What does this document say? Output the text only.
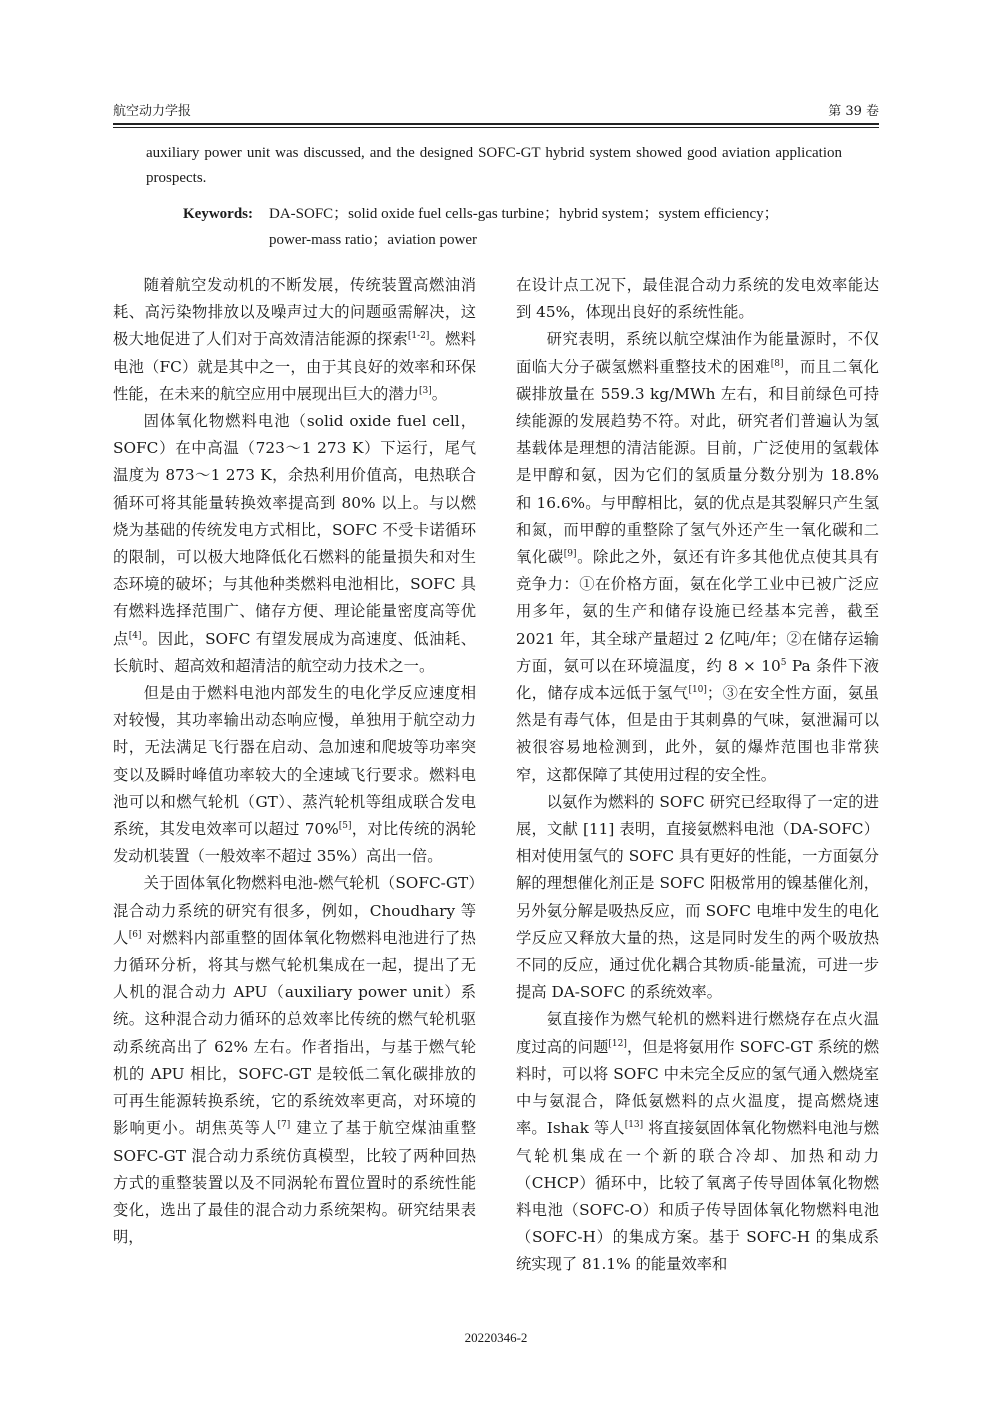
航空动力学报	第 39 卷
auxiliary power unit was discussed, and the designed SOFC-GT hybrid system showed good aviation application prospects.
Keywords: DA-SOFC；solid oxide fuel cells-gas turbine；hybrid system；system efficiency；
power-mass ratio；aviation power

随着航空发动机的不断发展，传统装置高燃油消耗、高污染物排放以及噪声过大的问题亟需解决，这极大地促进了人们对于高效清洁能源的探索[1-2]。燃料电池（FC）就是其中之一，由于其良好的效率和环保性能，在未来的航空应用中展现出巨大的潜力[3]。

固体氧化物燃料电池（solid oxide fuel cell，SOFC）在中高温（723～1 273 K）下运行，尾气温度为 873～1 273 K，余热利用价值高，电热联合循环可将其能量转换效率提高到 80% 以上。与以燃烧为基础的传统发电方式相比，SOFC 不受卡诺循环的限制，可以极大地降低化石燃料的能量损失和对生态环境的破坏；与其他种类燃料电池相比，SOFC 具有燃料选择范围广、储存方便、理论能量密度高等优点[4]。因此，SOFC 有望发展成为高速度、低油耗、长航时、超高效和超清洁的航空动力技术之一。

但是由于燃料电池内部发生的电化学反应速度相对较慢，其功率输出动态响应慢，单独用于航空动力时，无法满足飞行器在启动、急加速和爬坡等功率突变以及瞬时峰值功率较大的全速域飞行要求。燃料电池可以和燃气轮机（GT）、蒸汽轮机等组成联合发电系统，其发电效率可以超过 70%[5]，对比传统的涡轮发动机装置（一般效率不超过 35%）高出一倍。

关于固体氧化物燃料电池-燃气轮机（SOFC-GT）混合动力系统的研究有很多，例如，Choudhary 等人[6] 对燃料内部重整的固体氧化物燃料电池进行了热力循环分析，将其与燃气轮机集成在一起，提出了无人机的混合动力 APU（auxiliary power unit）系统。这种混合动力循环的总效率比传统的燃气轮机驱动系统高出了 62% 左右。作者指出，与基于燃气轮机的 APU 相比，SOFC-GT 是较低二氧化碳排放的可再生能源转换系统，它的系统效率更高，对环境的影响更小。胡焦英等人[7] 建立了基于航空煤油重整 SOFC-GT 混合动力系统仿真模型，比较了两种回热方式的重整装置以及不同涡轮布置位置时的系统性能变化，选出了最佳的混合动力系统架构。研究结果表明，

在设计点工况下，最佳混合动力系统的发电效率能达到 45%，体现出良好的系统性能。

研究表明，系统以航空煤油作为能量源时，不仅面临大分子碳氢燃料重整技术的困难[8]，而且二氧化碳排放量在 559.3 kg/MWh 左右，和目前绿色可持续能源的发展趋势不符。对此，研究者们普遍认为氢基载体是理想的清洁能源。目前，广泛使用的氢载体是甲醇和氨，因为它们的氢质量分数分别为 18.8% 和 16.6%。与甲醇相比，氨的优点是其裂解只产生氢和氮，而甲醇的重整除了氢气外还产生一氧化碳和二氧化碳[9]。除此之外，氨还有许多其他优点使其具有竞争力：①在价格方面，氨在化学工业中已被广泛应用多年，氨的生产和储存设施已经基本完善，截至 2021 年，其全球产量超过 2 亿吨/年；②在储存运输方面，氨可以在环境温度，约 $8 \times 10^5$ Pa 条件下液化，储存成本远低于氢气[10]；③在安全性方面，氨虽然是有毒气体，但是由于其刺鼻的气味，氨泄漏可以被很容易地检测到，此外，氨的爆炸范围也非常狭窄，这都保障了其使用过程的安全性。

以氨作为燃料的 SOFC 研究已经取得了一定的进展，文献 [11] 表明，直接氨燃料电池（DA-SOFC）相对使用氢气的 SOFC 具有更好的性能，一方面氨分解的理想催化剂正是 SOFC 阳极常用的镍基催化剂，另外氨分解是吸热反应，而 SOFC 电堆中发生的电化学反应又释放大量的热，这是同时发生的两个吸放热不同的反应，通过优化耦合其物质-能量流，可进一步提高 DA-SOFC 的系统效率。

氨直接作为燃气轮机的燃料进行燃烧存在点火温度过高的问题[12]，但是将氨用作 SOFC-GT 系统的燃料时，可以将 SOFC 中未完全反应的氢气通入燃烧室中与氨混合，降低氨燃料的点火温度，提高燃烧速率。Ishak 等人[13] 将直接氨固体氧化物燃料电池与燃气轮机集成在一个新的联合冷却、加热和动力（CHCP）循环中，比较了氧离子传导固体氧化物燃料电池（SOFC-O）和质子传导固体氧化物燃料电池（SOFC-H）的集成方案。基于 SOFC-H 的集成系统实现了 81.1% 的能量效率和

20220346-2
